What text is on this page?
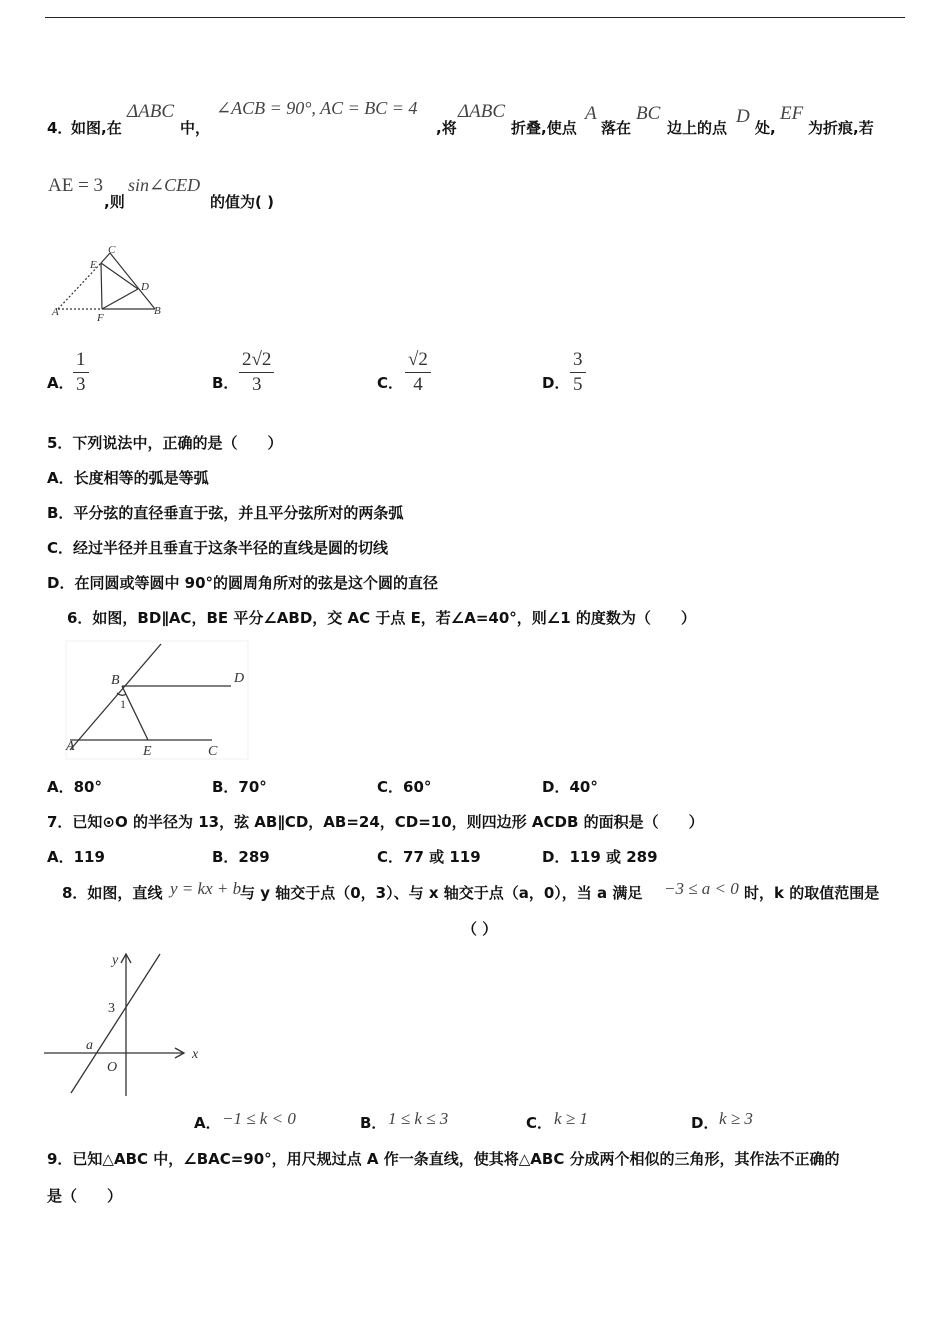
4．
如图,在
ΔABC
中，
∠ACB = 90°, AC = BC = 4
,将
ΔABC
折叠,使点
A
落在
BC
边上的点
D
处,
EF
为折痕,若
AE = 3
,则
sin∠CED
的值为( )
C
E
D
A	F
B
A． $\frac{1}{3}$	B． $\frac{2√2}{3}$	C． $\frac{√2}{4}$	D． $\frac{3}{5}$
5．下列说法中，正确的是（　　）
A．长度相等的弧是等弧
B．平分弦的直径垂直于弦，并且平分弦所对的两条弧
C．经过半径并且垂直于这条半径的直线是圆的切线
D．在同圆或等圆中 90°的圆周角所对的弦是这个圆的直径
6．如图，BD∥AC，BE 平分∠ABD，交 AC 于点 E，若∠A=40°，则∠1 的度数为（　　）
B	D
1
A	E	C
A．80°	B．70°	C．60°	D．40°
7．已知⊙O 的半径为 13，弦 AB∥CD，AB=24，CD=10，则四边形 ACDB 的面积是（　　）
A．119	B．289	C．77 或 119	D．119 或 289
8．如图，直线 y = kx + b
与 y 轴交于点（0，3）、与 x 轴交于点（a，0），当 a 满足 −3 ≤ a < 0 时，k 的取值范围是
（ ）
y
x
3
a
O
A． −1 ≤ k < 0	B． 1 ≤ k ≤ 3	C． k ≥ 1	D． k ≥ 3
9．已知△ABC 中，∠BAC=90°，用尺规过点 A 作一条直线，使其将△ABC 分成两个相似的三角形，其作法不正确的
是（　　）
